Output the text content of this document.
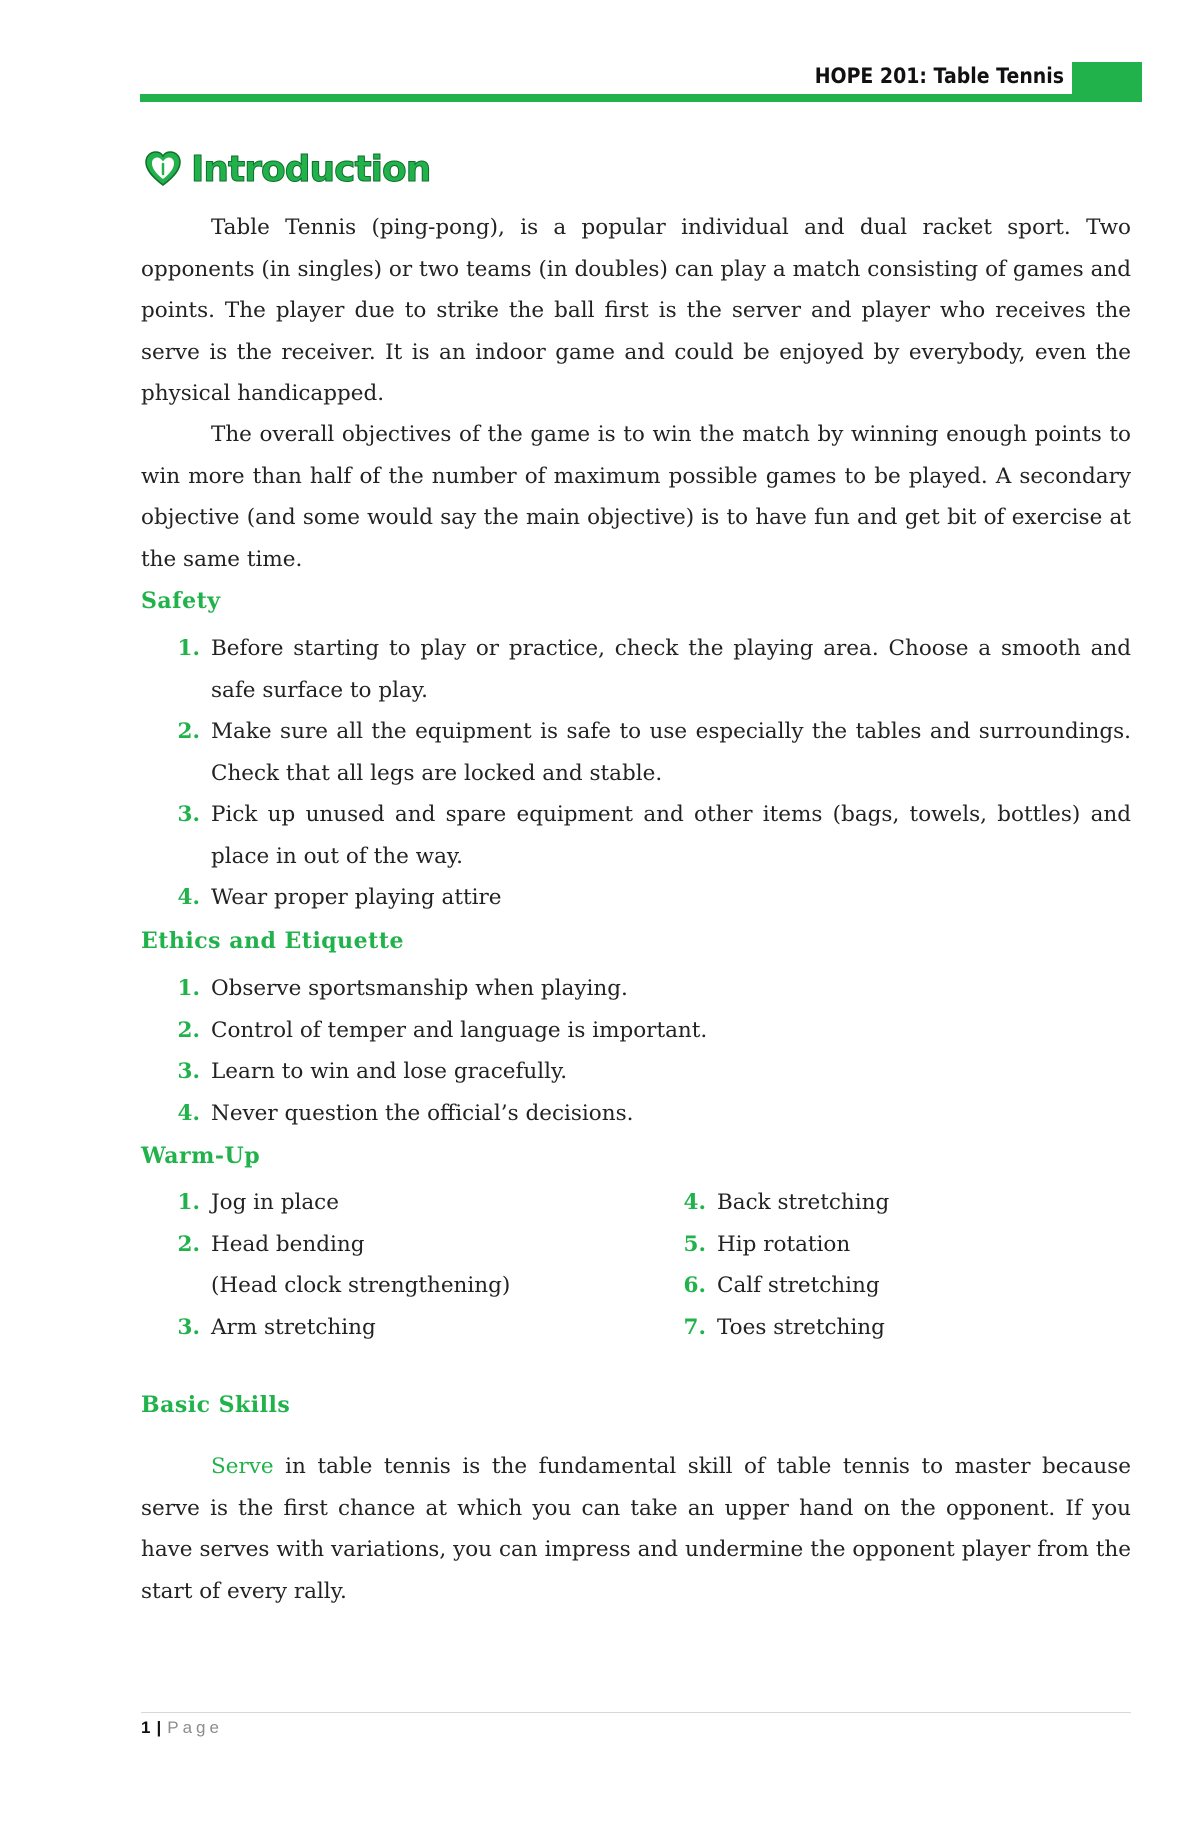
HOPE 201: Table Tennis
Introduction

Table Tennis (ping-pong), is a popular individual and dual racket sport. Two opponents (in singles) or two teams (in doubles) can play a match consisting of games and points. The player due to strike the ball first is the server and player who receives the serve is the receiver. It is an indoor game and could be enjoyed by everybody, even the physical handicapped.

The overall objectives of the game is to win the match by winning enough points to win more than half of the number of maximum possible games to be played. A secondary objective (and some would say the main objective) is to have fun and get bit of exercise at the same time.

Safety
1. Before starting to play or practice, check the playing area. Choose a smooth and safe surface to play.
2. Make sure all the equipment is safe to use especially the tables and surroundings. Check that all legs are locked and stable.
3. Pick up unused and spare equipment and other items (bags, towels, bottles) and place in out of the way.
4. Wear proper playing attire
Ethics and Etiquette
1. Observe sportsmanship when playing.
2. Control of temper and language is important.
3. Learn to win and lose gracefully.
4. Never question the official’s decisions.
Warm-Up
1. Jog in place
2. Head bending
(Head clock strengthening)
3. Arm stretching
4. Back stretching
5. Hip rotation
6. Calf stretching
7. Toes stretching
Basic Skills

Serve in table tennis is the fundamental skill of table tennis to master because serve is the first chance at which you can take an upper hand on the opponent. If you have serves with variations, you can impress and undermine the opponent player from the start of every rally.

1 | Page
